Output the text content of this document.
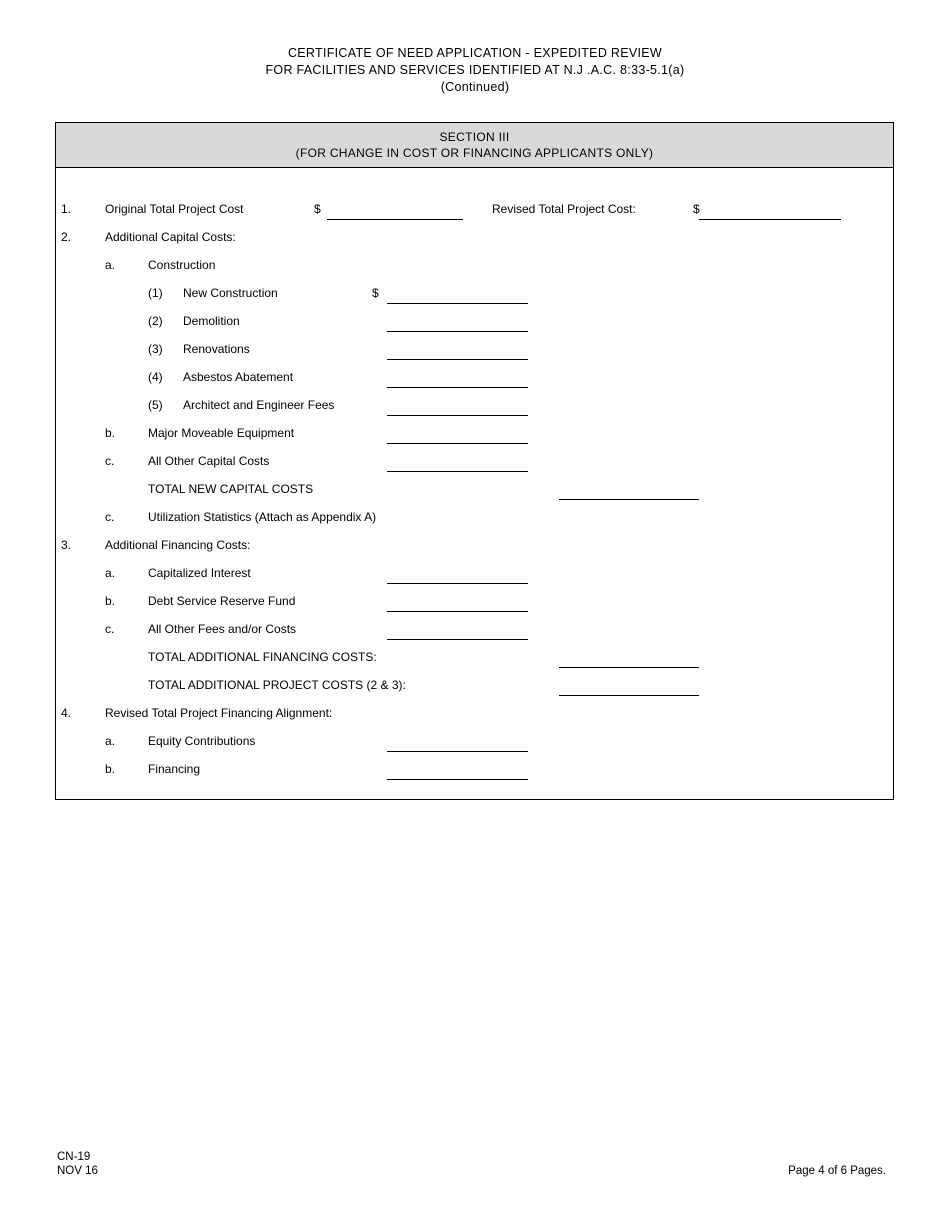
CERTIFICATE OF NEED APPLICATION - EXPEDITED REVIEW
FOR FACILITIES AND SERVICES IDENTIFIED AT N.J .A.C. 8:33-5.1(a)
(Continued)
SECTION III
(FOR CHANGE IN COST OR FINANCING APPLICANTS ONLY)
1.	Original Total Project Cost	$	Revised Total Project Cost:	$
2.	Additional Capital Costs:
a.	Construction
(1) New Construction	$
(2) Demolition
(3) Renovations
(4) Asbestos Abatement
(5) Architect and Engineer Fees
b.	Major Moveable Equipment
c.	All Other Capital Costs
TOTAL NEW CAPITAL COSTS
c.	Utilization Statistics (Attach as Appendix A)
3.	Additional Financing Costs:
a.	Capitalized Interest
b.	Debt Service Reserve Fund
c.	All Other Fees and/or Costs
TOTAL ADDITIONAL FINANCING COSTS:
TOTAL ADDITIONAL PROJECT COSTS (2 & 3):
4.	Revised Total Project Financing Alignment:
a.	Equity Contributions
b.	Financing
CN-19
NOV 16	Page 4 of 6 Pages.
